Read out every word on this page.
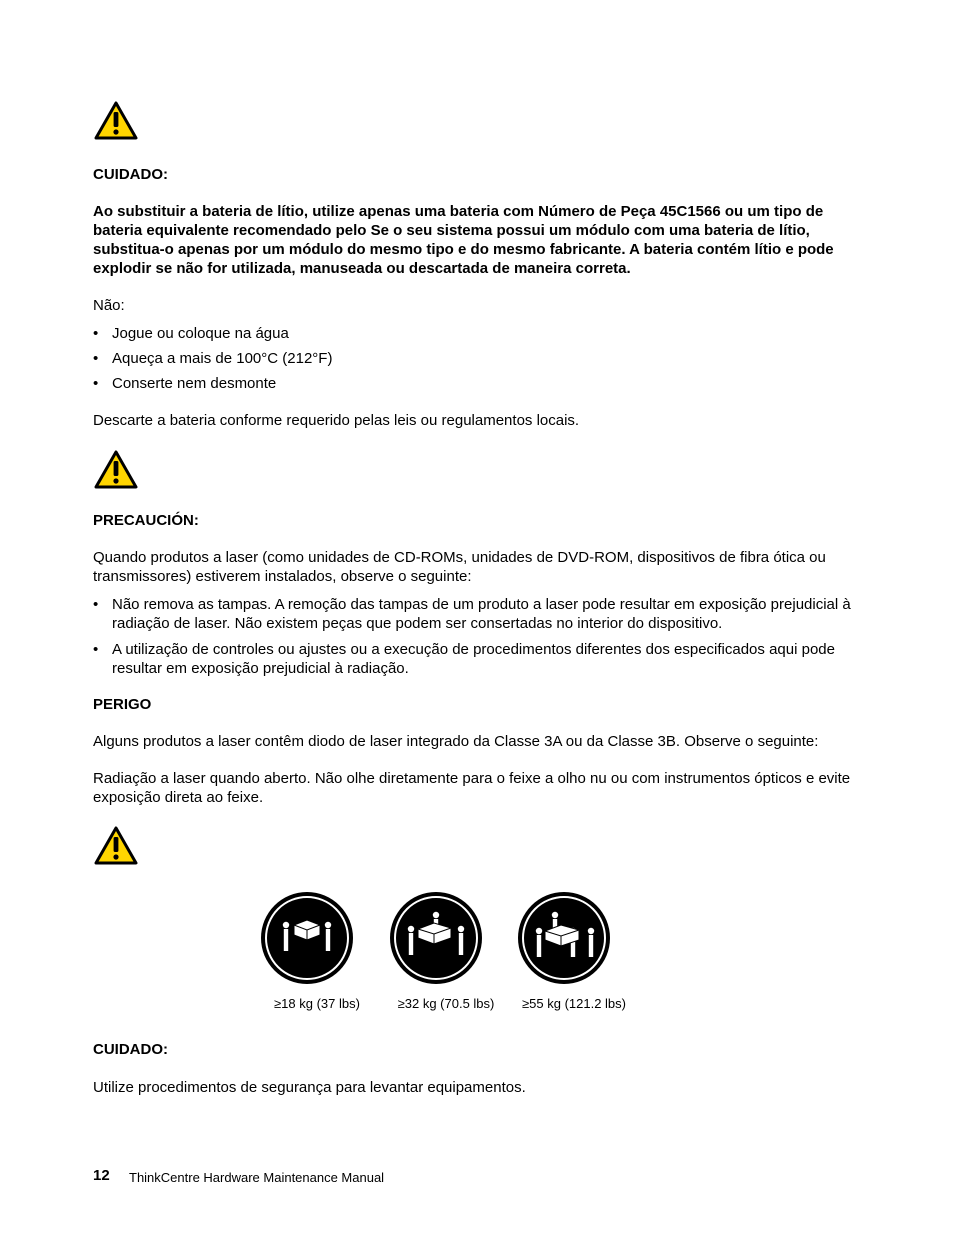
CUIDADO:
Ao substituir a bateria de lítio, utilize apenas uma bateria com Número de Peça 45C1566 ou um tipo de bateria equivalente recomendado pelo Se o seu sistema possui um módulo com uma bateria de lítio, substitua-o apenas por um módulo do mesmo tipo e do mesmo fabricante. A bateria contém lítio e pode explodir se não for utilizada, manuseada ou descartada de maneira correta.
Não:
• Jogue ou coloque na água
• Aqueça a mais de 100°C (212°F)
• Conserte nem desmonte
Descarte a bateria conforme requerido pelas leis ou regulamentos locais.
PRECAUCIÓN:
Quando produtos a laser (como unidades de CD-ROMs, unidades de DVD-ROM, dispositivos de fibra ótica ou transmissores) estiverem instalados, observe o seguinte:
• Não remova as tampas. A remoção das tampas de um produto a laser pode resultar em exposição prejudicial à radiação de laser. Não existem peças que podem ser consertadas no interior do dispositivo.
• A utilização de controles ou ajustes ou a execução de procedimentos diferentes dos especificados aqui pode resultar em exposição prejudicial à radiação.
PERIGO
Alguns produtos a laser contêm diodo de laser integrado da Classe 3A ou da Classe 3B. Observe o seguinte:
Radiação a laser quando aberto. Não olhe diretamente para o feixe a olho nu ou com instrumentos ópticos e evite exposição direta ao feixe.
≥18 kg (37 lbs)	≥32 kg (70.5 lbs)	≥55 kg (121.2 lbs)
CUIDADO:
Utilize procedimentos de segurança para levantar equipamentos.
12 ThinkCentre Hardware Maintenance Manual
